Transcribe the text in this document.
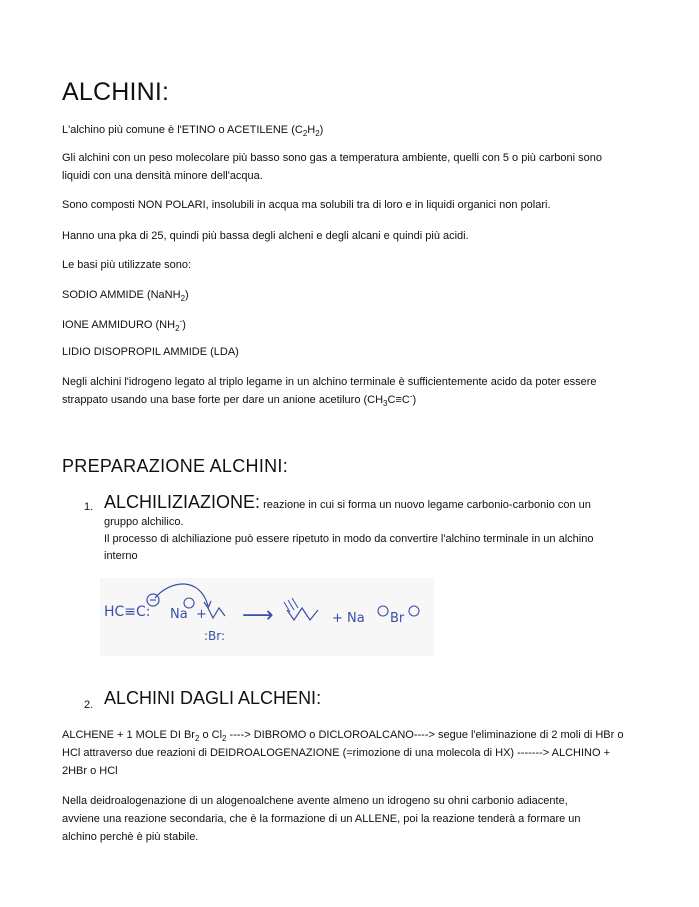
ALCHINI:

L'alchino più comune è l'ETINO o ACETILENE $(C_2H_2)$

Gli alchini con un peso molecolare più basso sono gas a temperatura ambiente, quelli con 5 o più carboni sono
liquidi con una densità minore dell'acqua.

Sono composti NON POLARI, insolubili in acqua ma solubili tra di loro e in liquidi organici non polari.

Hanno una pka di 25, quindi più bassa degli alcheni e degli alcani e quindi più acidi.

Le basi più utilizzate sono:

SODIO AMMIDE (NaNH$_2$)

IONE AMMIDURO $(NH_2^-)$

LIDIO DISOPROPIL AMMIDE (LDA)

Negli alchini l'idrogeno legato al triplo legame in un alchino terminale è sufficientemente acido da poter essere
strappato usando una base forte per dare un anione acetiluro $(CH_3C\equiv C^-)$

PREPARAZIONE ALCHINI:
1. ALCHILIZIAZIONE: reazione in cui si forma un nuovo legame carbonio-carbonio con un
gruppo alchilico.
Il processo di alchiliazione può essere ripetuto in modo da convertire l'alchino terminale in un alchino
interno
HC≡C: Na +
:Br:
⟶	+ Na Br
2. ALCHINI DAGLI ALCHENI:

ALCHENE + 1 MOLE DI $Br_2$ o $Cl_2$ ----> DIBROMO o DICLOROALCANO----> segue l'eliminazione di 2 moli di HBr o
HCl attraverso due reazioni di DEIDROALOGENAZIONE (=rimozione di una molecola di HX) -------> ALCHINO +
2HBr o HCl

Nella deidroalogenazione di un alogenoalchene avente almeno un idrogeno su ohni carbonio adiacente,
avviene una reazione secondaria, che è la formazione di un ALLENE, poi la reazione tenderà a formare un
alchino perchè è più stabile.
